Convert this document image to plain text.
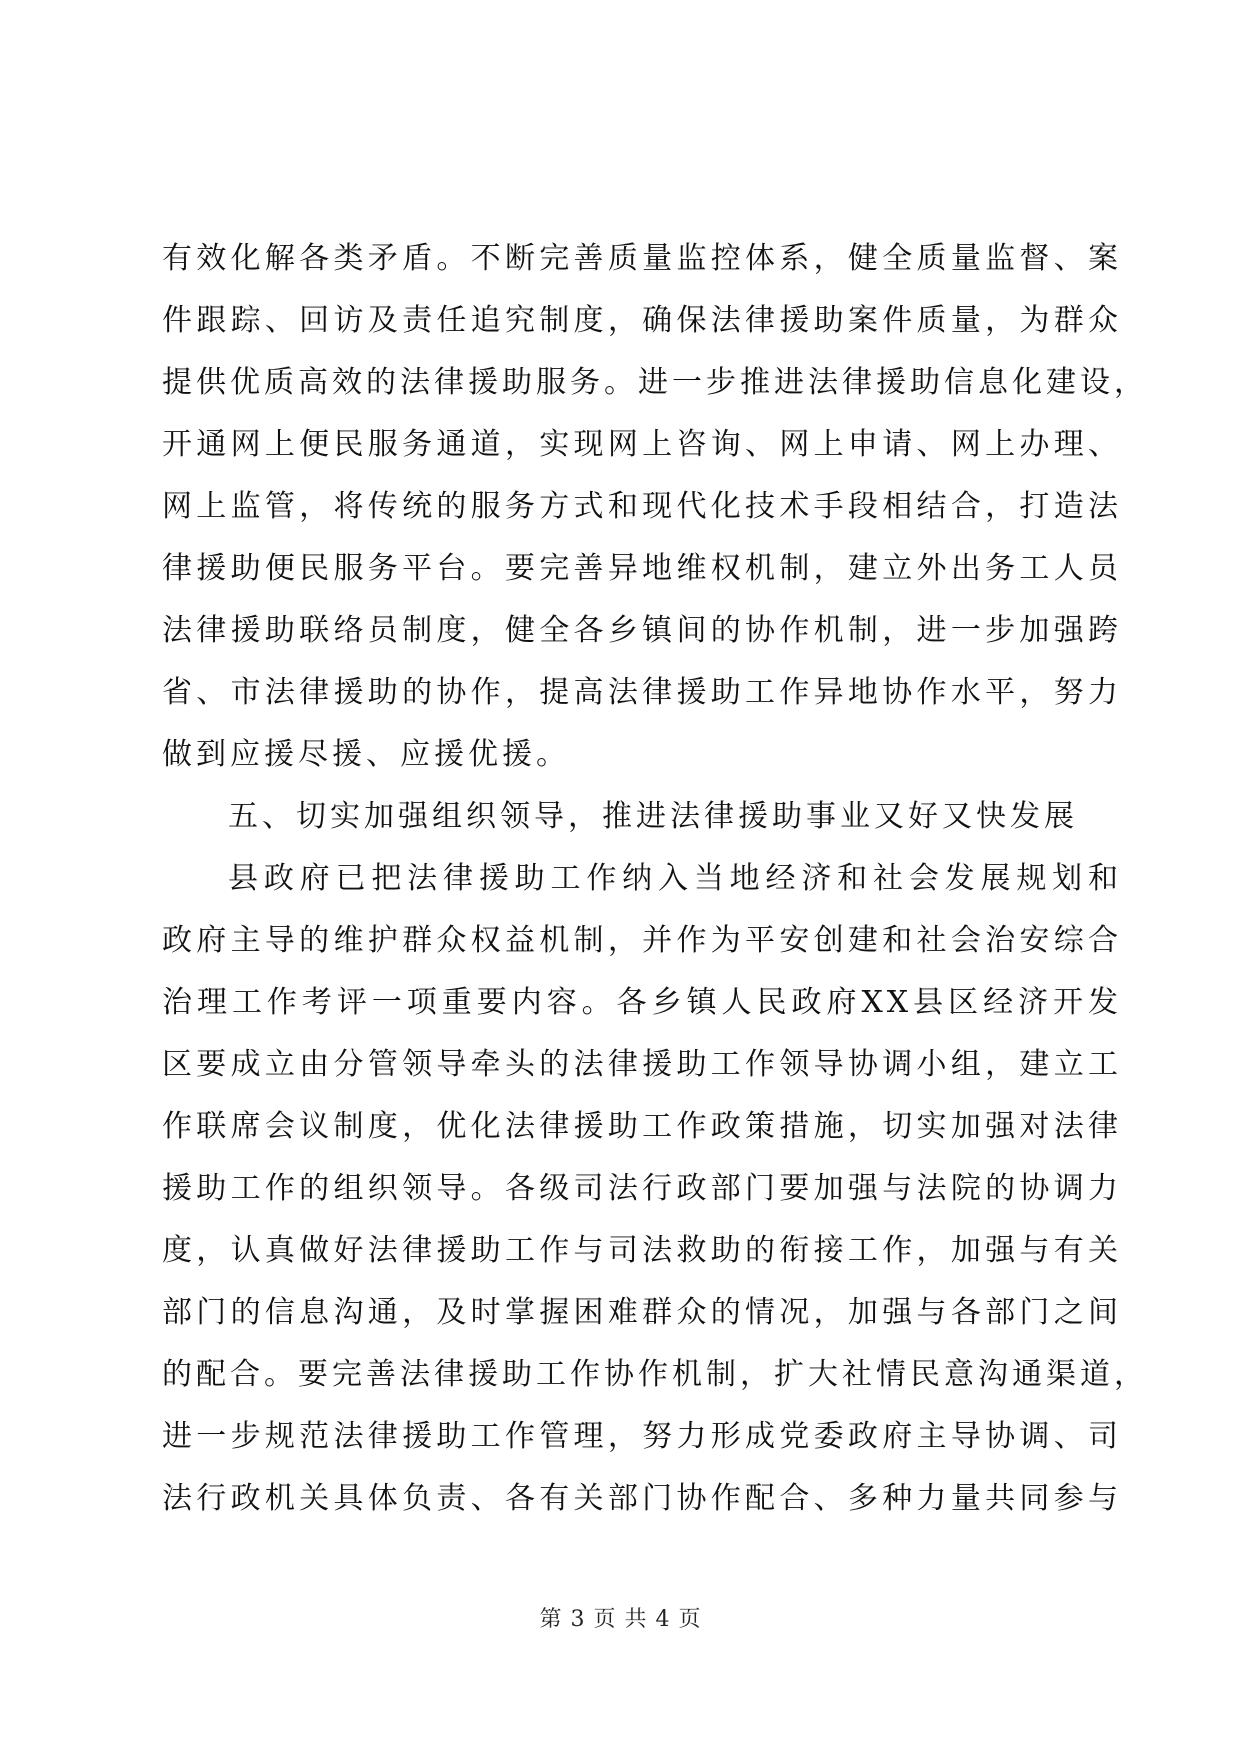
有效化解各类矛盾。不断完善质量监控体系，健全质量监督、案
件跟踪、回访及责任追究制度，确保法律援助案件质量，为群众
提供优质高效的法律援助服务。进一步推进法律援助信息化建设，
开通网上便民服务通道，实现网上咨询、网上申请、网上办理、
网上监管，将传统的服务方式和现代化技术手段相结合，打造法
律援助便民服务平台。要完善异地维权机制，建立外出务工人员
法律援助联络员制度，健全各乡镇间的协作机制，进一步加强跨
省、市法律援助的协作，提高法律援助工作异地协作水平，努力
做到应援尽援、应援优援。
五、切实加强组织领导，推进法律援助事业又好又快发展
县政府已把法律援助工作纳入当地经济和社会发展规划和
政府主导的维护群众权益机制，并作为平安创建和社会治安综合
治理工作考评一项重要内容。各乡镇人民政府XX县区经济开发
区要成立由分管领导牵头的法律援助工作领导协调小组，建立工
作联席会议制度，优化法律援助工作政策措施，切实加强对法律
援助工作的组织领导。各级司法行政部门要加强与法院的协调力
度，认真做好法律援助工作与司法救助的衔接工作，加强与有关
部门的信息沟通，及时掌握困难群众的情况，加强与各部门之间
的配合。要完善法律援助工作协作机制，扩大社情民意沟通渠道，
进一步规范法律援助工作管理，努力形成党委政府主导协调、司
法行政机关具体负责、各有关部门协作配合、多种力量共同参与
第 3 页 共 4 页
